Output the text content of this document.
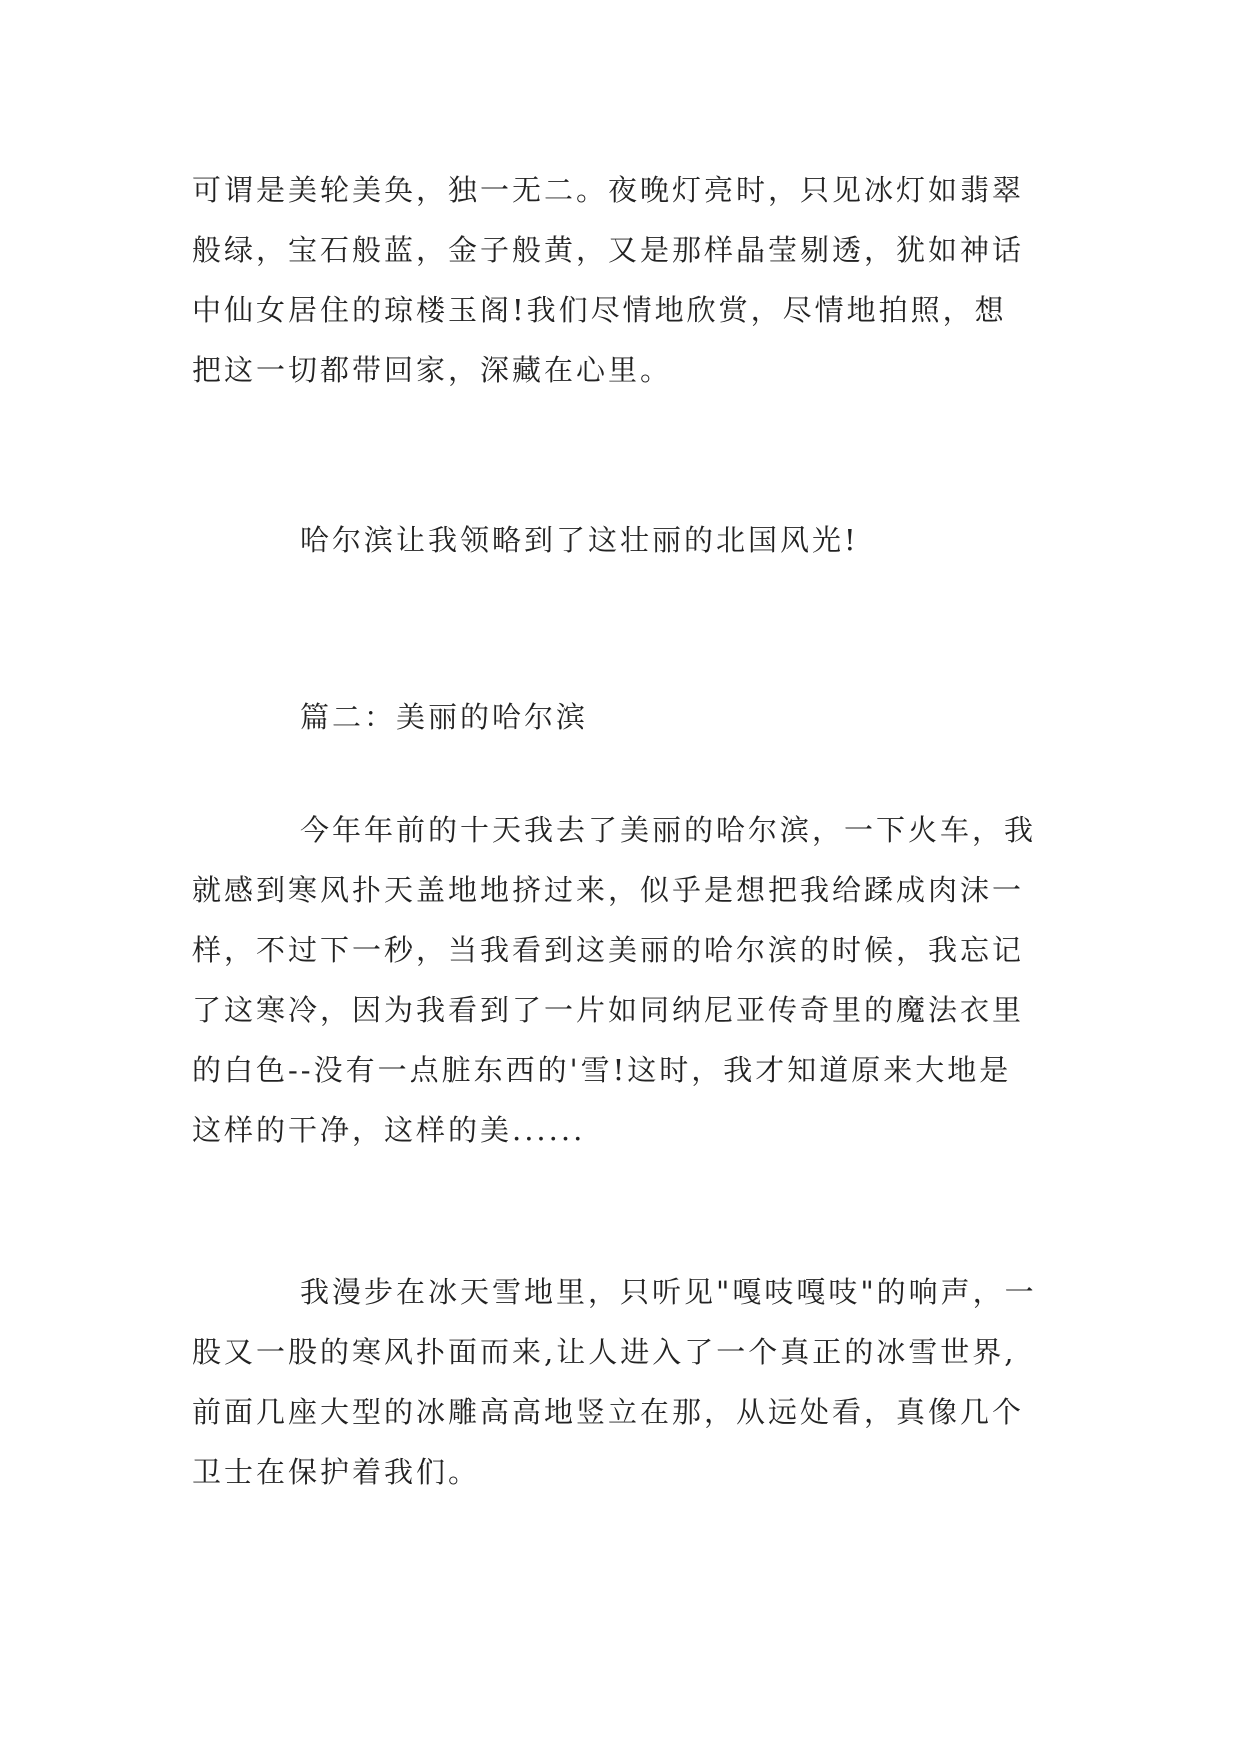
可谓是美轮美奂，独一无二。夜晚灯亮时，只见冰灯如翡翠
般绿，宝石般蓝，金子般黄，又是那样晶莹剔透，犹如神话
中仙女居住的琼楼玉阁!我们尽情地欣赏，尽情地拍照，想
把这一切都带回家，深藏在心里。
哈尔滨让我领略到了这壮丽的北国风光!
篇二：美丽的哈尔滨
今年年前的十天我去了美丽的哈尔滨，一下火车，我
就感到寒风扑天盖地地挤过来，似乎是想把我给蹂成肉沫一
样，不过下一秒，当我看到这美丽的哈尔滨的时候，我忘记
了这寒冷，因为我看到了一片如同纳尼亚传奇里的魔法衣里
的白色--没有一点脏东西的'雪!这时，我才知道原来大地是
这样的干净，这样的美......
我漫步在冰天雪地里，只听见"嘎吱嘎吱"的响声，一
股又一股的寒风扑面而来,让人进入了一个真正的冰雪世界,
前面几座大型的冰雕高高地竖立在那，从远处看，真像几个
卫士在保护着我们。
